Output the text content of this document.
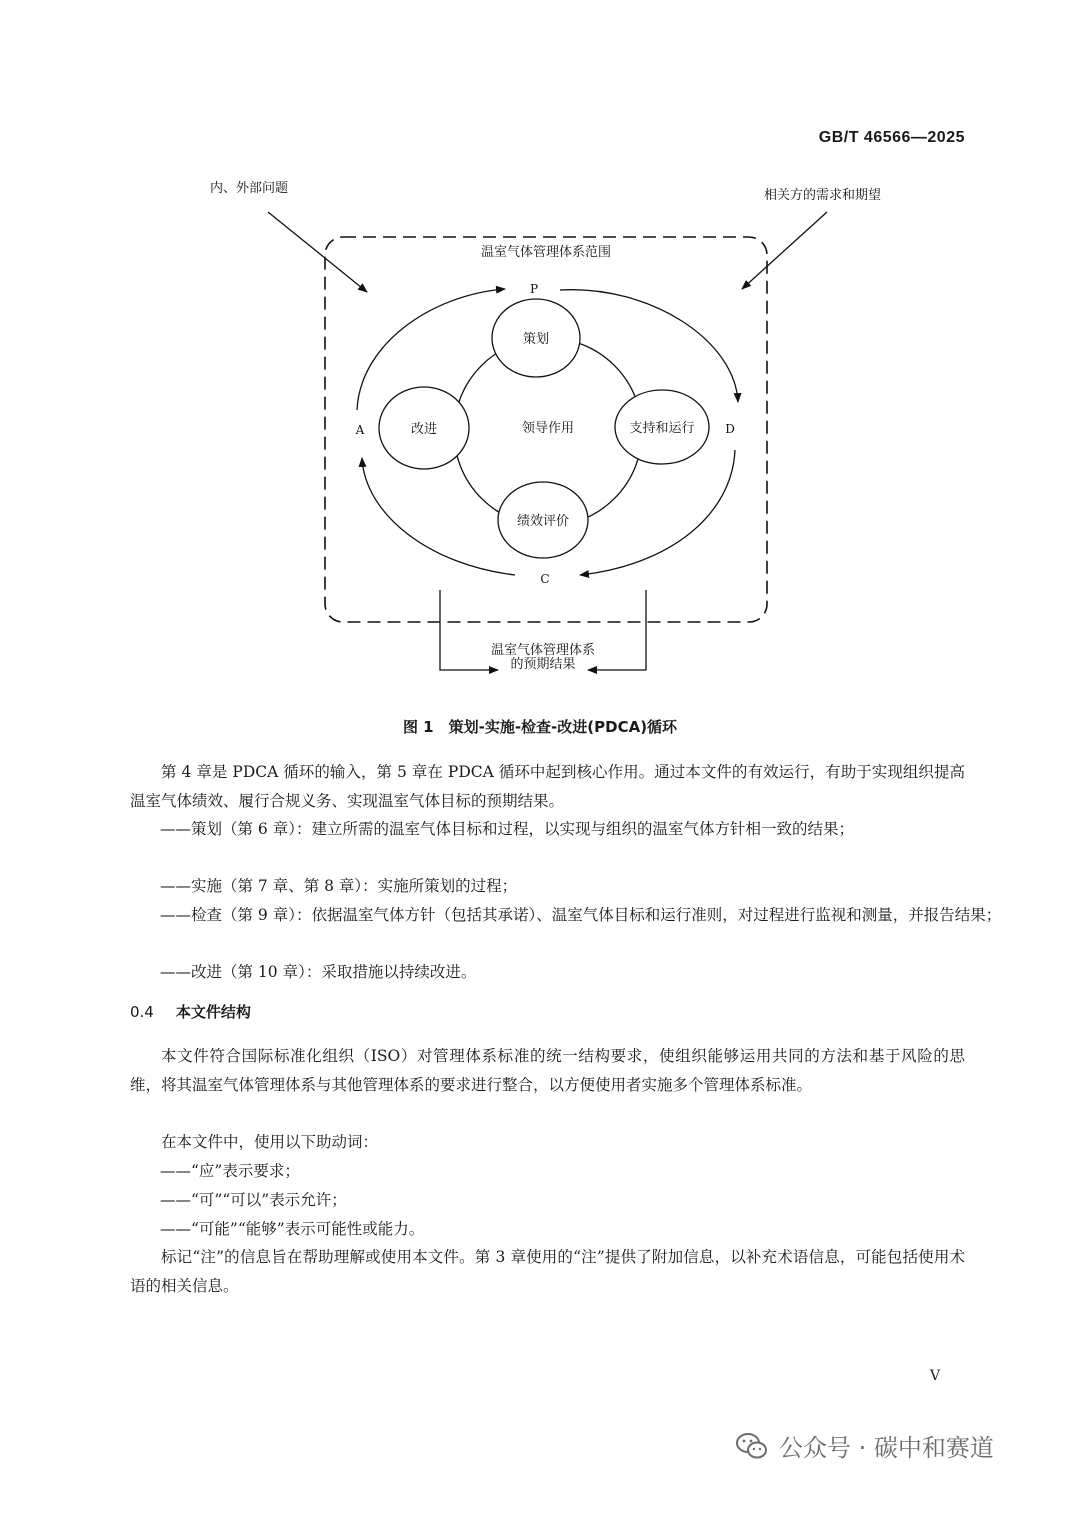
GB/T 46566—2025
内、外部问题	相关方的需求和期望
温室气体管理体系范围
P
D
C
A	领导作用
策划
支持和运行
绩效评价
改进
温室气体管理体系
的预期结果
图 1　策划-实施-检查-改进(PDCA)循环
第 4 章是 PDCA 循环的输入，第 5 章在 PDCA 循环中起到核心作用。通过本文件的有效运行，有助于实现组织提高温室气体绩效、履行合规义务、实现温室气体目标的预期结果。
——策划（第 6 章）：建立所需的温室气体目标和过程，以实现与组织的温室气体方针相一致的结果；
——实施（第 7 章、第 8 章）：实施所策划的过程；
——检查（第 9 章）：依据温室气体方针（包括其承诺）、温室气体目标和运行准则，对过程进行监视和测量，并报告结果；
——改进（第 10 章）：采取措施以持续改进。
0.4 本文件结构
本文件符合国际标准化组织（ISO）对管理体系标准的统一结构要求，使组织能够运用共同的方法和基于风险的思维，将其温室气体管理体系与其他管理体系的要求进行整合，以方便使用者实施多个管理体系标准。
在本文件中，使用以下助动词：
——“应”表示要求；
——“可”“可以”表示允许；
——“可能”“能够”表示可能性或能力。
标记“注”的信息旨在帮助理解或使用本文件。第 3 章使用的“注”提供了附加信息，以补充术语信息，可能包括使用术语的相关信息。
V
公众号 · 碳中和赛道
